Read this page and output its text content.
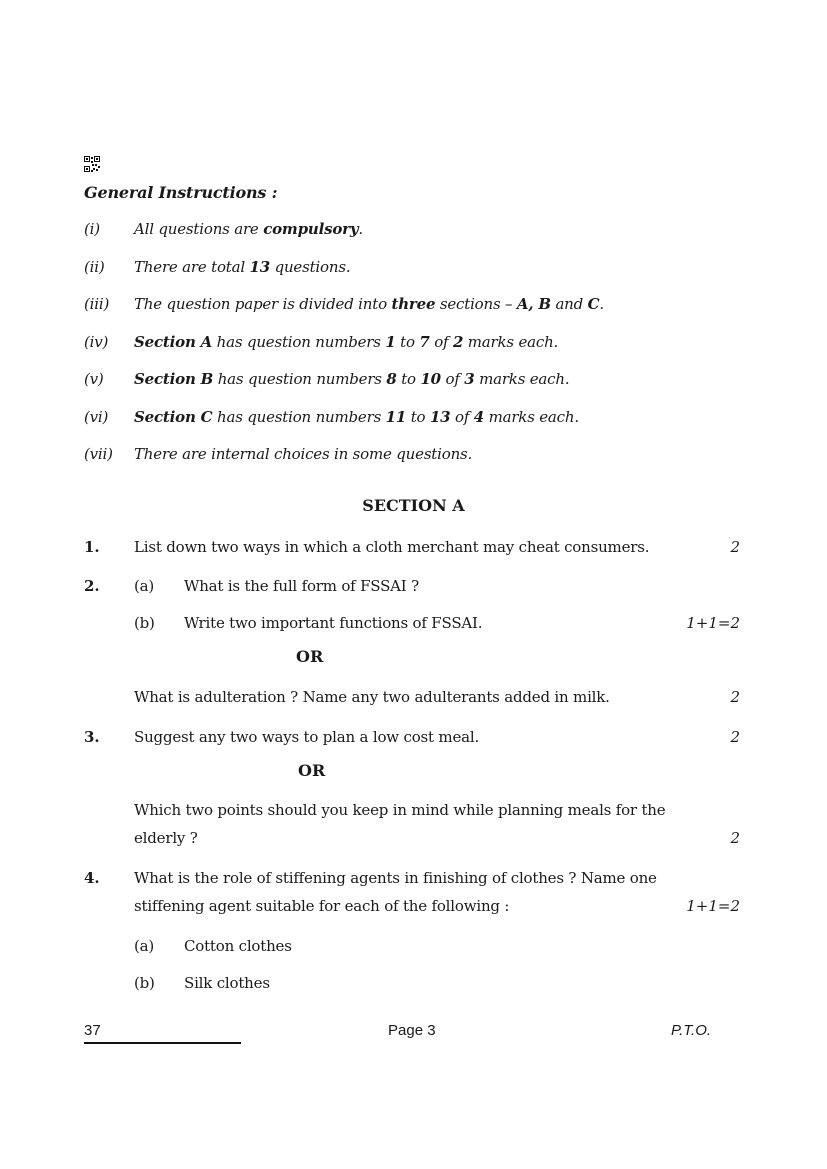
General Instructions :
(i) All questions are compulsory.
(ii) There are total 13 questions.
(iii) The question paper is divided into three sections – A, B and C.
(iv) Section A has question numbers 1 to 7 of 2 marks each.
(v) Section B has question numbers 8 to 10 of 3 marks each.
(vi) Section C has question numbers 11 to 13 of 4 marks each.
(vii) There are internal choices in some questions.
SECTION A
1. List down two ways in which a cloth merchant may cheat consumers.	2
2. (a) What is the full form of FSSAI ?
(b) Write two important functions of FSSAI.	1+1=2
OR
What is adulteration ? Name any two adulterants added in milk.	2
3. Suggest any two ways to plan a low cost meal.	2
OR
Which two points should you keep in mind while planning meals for the
elderly ?	2
4. What is the role of stiffening agents in finishing of clothes ? Name one
stiffening agent suitable for each of the following :	1+1=2
(a) Cotton clothes
(b) Silk clothes
37	Page 3	P.T.O.
